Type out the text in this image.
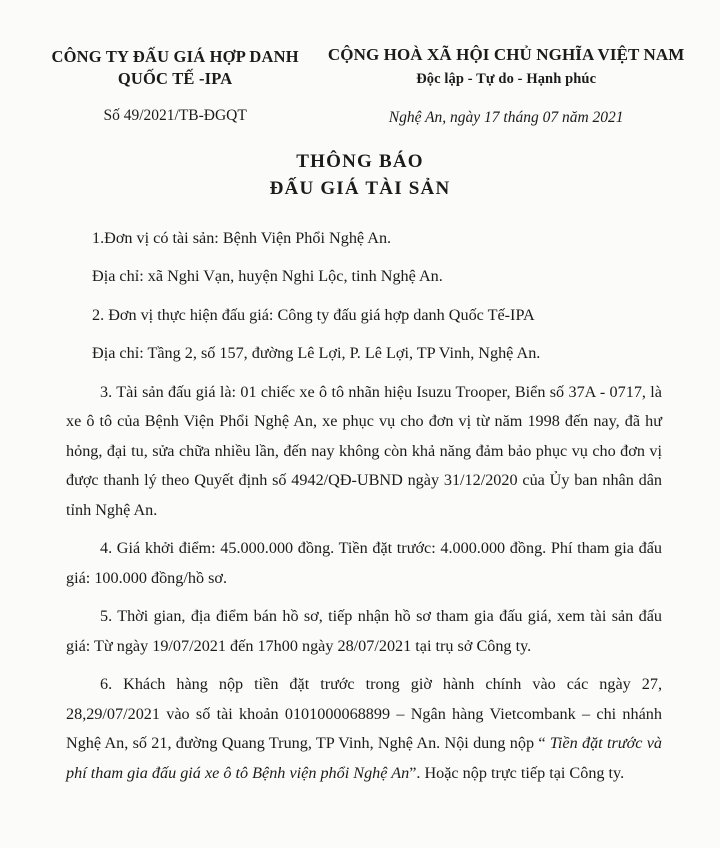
CÔNG TY ĐẤU GIÁ HỢP DANH
QUỐC TẾ -IPA
CỘNG HOÀ XÃ HỘI CHỦ NGHĨA VIỆT NAM
Độc lập - Tự do - Hạnh phúc
Số 49/2021/TB-ĐGQT	Nghệ An, ngày 17 tháng 07 năm 2021
THÔNG BÁO
ĐẤU GIÁ TÀI SẢN

1.Đơn vị có tài sản: Bệnh Viện Phổi Nghệ An.

Địa chỉ: xã Nghi Vạn, huyện Nghi Lộc, tinh Nghệ An.

2. Đơn vị thực hiện đấu giá: Công ty đấu giá hợp danh Quốc Tế-IPA

Địa chỉ: Tầng 2, số 157, đường Lê Lợi, P. Lê Lợi, TP Vinh, Nghệ An.

3. Tài sản đấu giá là: 01 chiếc xe ô tô nhãn hiệu Isuzu Trooper, Biển số 37A - 0717, là xe ô tô của Bệnh Viện Phổi Nghệ An, xe phục vụ cho đơn vị từ năm 1998 đến nay, đã hư hỏng, đại tu, sửa chữa nhiều lần, đến nay không còn khả năng đảm bảo phục vụ cho đơn vị được thanh lý theo Quyết định số 4942/QĐ-UBND ngày 31/12/2020 của Ủy ban nhân dân tỉnh Nghệ An.

4. Giá khởi điểm: 45.000.000 đồng. Tiền đặt trước: 4.000.000 đồng. Phí tham gia đấu giá: 100.000 đồng/hồ sơ.

5. Thời gian, địa điểm bán hồ sơ, tiếp nhận hồ sơ tham gia đấu giá, xem tài sản đấu giá: Từ ngày 19/07/2021 đến 17h00 ngày 28/07/2021 tại trụ sở Công ty.

6. Khách hàng nộp tiền đặt trước trong giờ hành chính vào các ngày 27, 28,29/07/2021 vào số tài khoản 0101000068899 – Ngân hàng Vietcombank – chi nhánh Nghệ An, số 21, đường Quang Trung, TP Vinh, Nghệ An. Nội dung nộp “ Tiền đặt trước và phí tham gia đấu giá xe ô tô Bệnh viện phổi Nghệ An”. Hoặc nộp trực tiếp tại Công ty.
